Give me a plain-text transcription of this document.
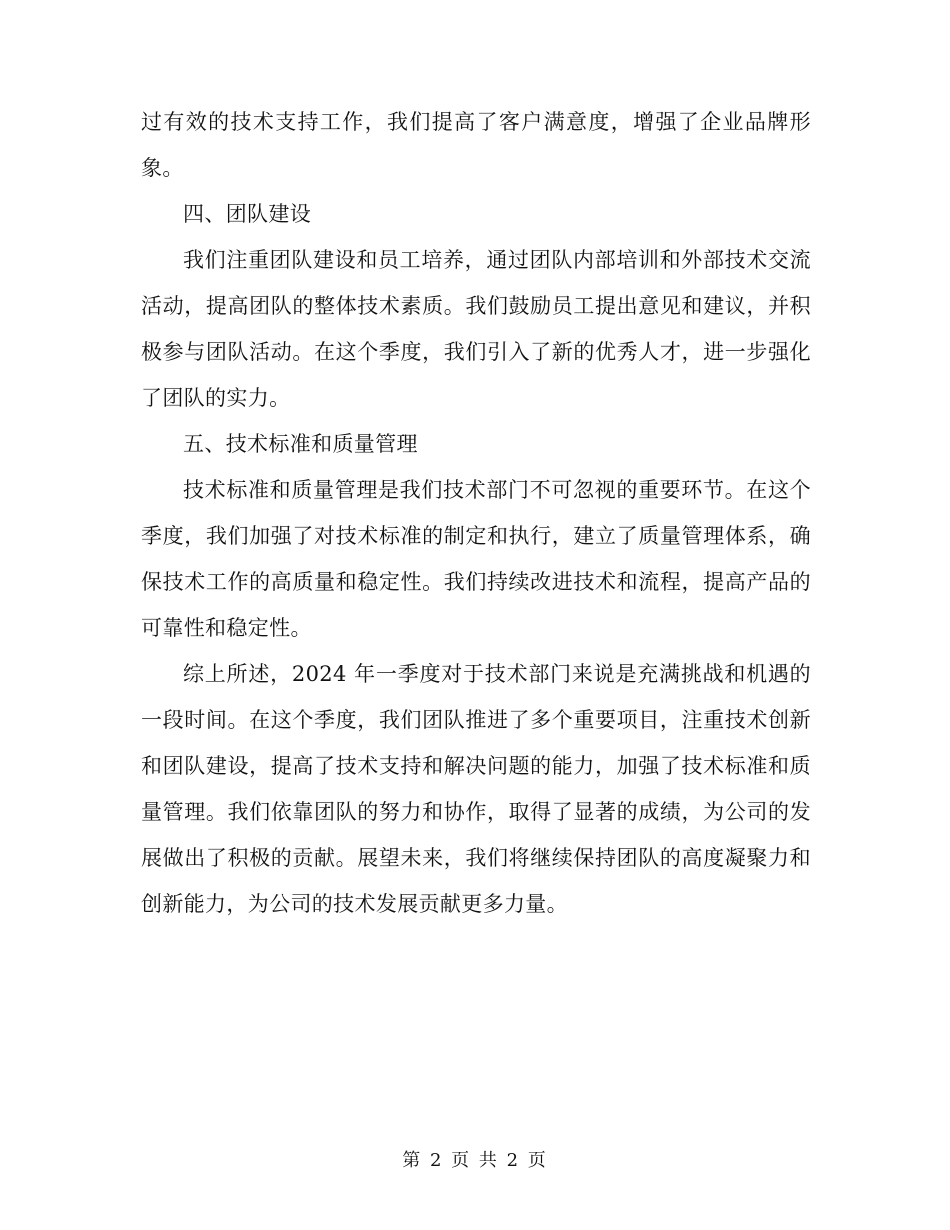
过有效的技术支持工作，我们提高了客户满意度，增强了企业品牌形象。

四、团队建设

我们注重团队建设和员工培养，通过团队内部培训和外部技术交流活动，提高团队的整体技术素质。我们鼓励员工提出意见和建议，并积极参与团队活动。在这个季度，我们引入了新的优秀人才，进一步强化了团队的实力。

五、技术标准和质量管理

技术标准和质量管理是我们技术部门不可忽视的重要环节。在这个季度，我们加强了对技术标准的制定和执行，建立了质量管理体系，确保技术工作的高质量和稳定性。我们持续改进技术和流程，提高产品的可靠性和稳定性。

综上所述，2024 年一季度对于技术部门来说是充满挑战和机遇的一段时间。在这个季度，我们团队推进了多个重要项目，注重技术创新和团队建设，提高了技术支持和解决问题的能力，加强了技术标准和质量管理。我们依靠团队的努力和协作，取得了显著的成绩，为公司的发展做出了积极的贡献。展望未来，我们将继续保持团队的高度凝聚力和创新能力，为公司的技术发展贡献更多力量。

第 2 页 共 2 页
